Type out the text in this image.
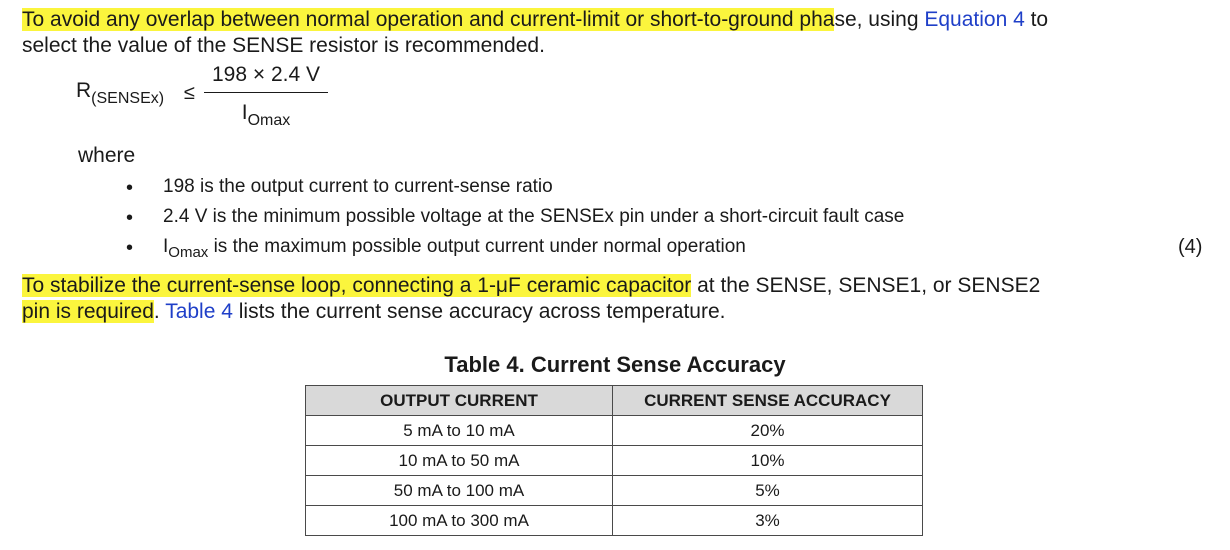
To avoid any overlap between normal operation and current-limit or short-to-ground phase, using Equation 4 to
select the value of the SENSE resistor is recommended.
$R_{(SENSEx)}$ ≤
198 × 2.4 V
$I_{Omax}$
where
• 198 is the output current to current-sense ratio
• 2.4 V is the minimum possible voltage at the SENSEx pin under a short-circuit fault case
• $I_{Omax}$ is the maximum possible output current under normal operation	(4)
To stabilize the current-sense loop, connecting a 1-μF ceramic capacitor at the SENSE, SENSE1, or SENSE2
pin is required. Table 4 lists the current sense accuracy across temperature.
Table 4. Current Sense Accuracy
OUTPUT CURRENT	CURRENT SENSE ACCURACY
5 mA to 10 mA	20%
10 mA to 50 mA	10%
50 mA to 100 mA	5%
100 mA to 300 mA	3%
